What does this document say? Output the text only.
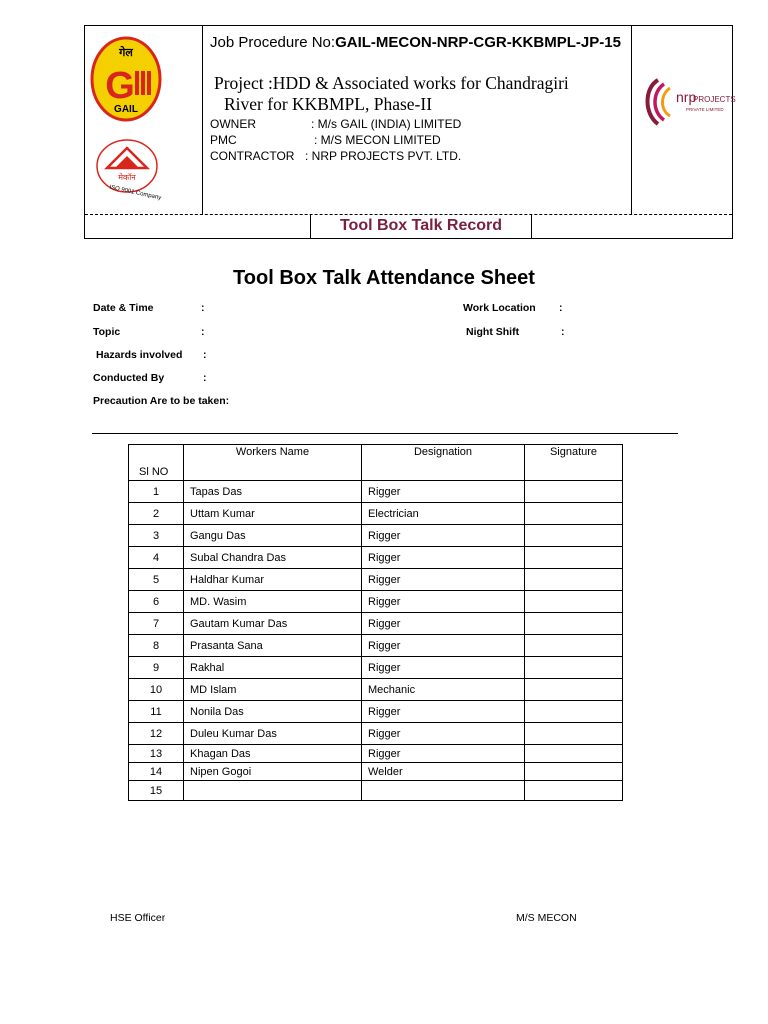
गेल
G
GAIL
मेकॉन
ISO 9001 Company
nrp
PROJECTS
PRIVATE LIMITED
Job Procedure No:GAIL-MECON-NRP-CGR-KKBMPL-JP-15
Project :HDD & Associated works for Chandragiri
River for KKBMPL, Phase-II
OWNER	: M/s GAIL (INDIA) LIMITED
PMC	: M/S MECON LIMITED
CONTRACTOR : NRP PROJECTS PVT. LTD.
Tool Box Talk Record
Tool Box Talk Attendance Sheet
Date & Time	:
Topic	:
Hazards involved :
Conducted By	:
Precaution Are to be taken:
Work Location :
Night Shift	:
Sl NO	Workers Name	Designation	Signature
1	Tapas Das	Rigger	
2	Uttam Kumar	Electrician	
3	Gangu Das	Rigger	
4	Subal Chandra Das	Rigger	
5	Haldhar Kumar	Rigger	
6	MD. Wasim	Rigger	
7	Gautam Kumar Das	Rigger	
8	Prasanta Sana	Rigger	
9	Rakhal	Rigger	
10	MD Islam	Mechanic	
11	Nonila Das	Rigger	
12	Duleu Kumar Das	Rigger	
13	Khagan Das	Rigger	
14	Nipen Gogoi	Welder	
15			
HSE Officer	M/S MECON
